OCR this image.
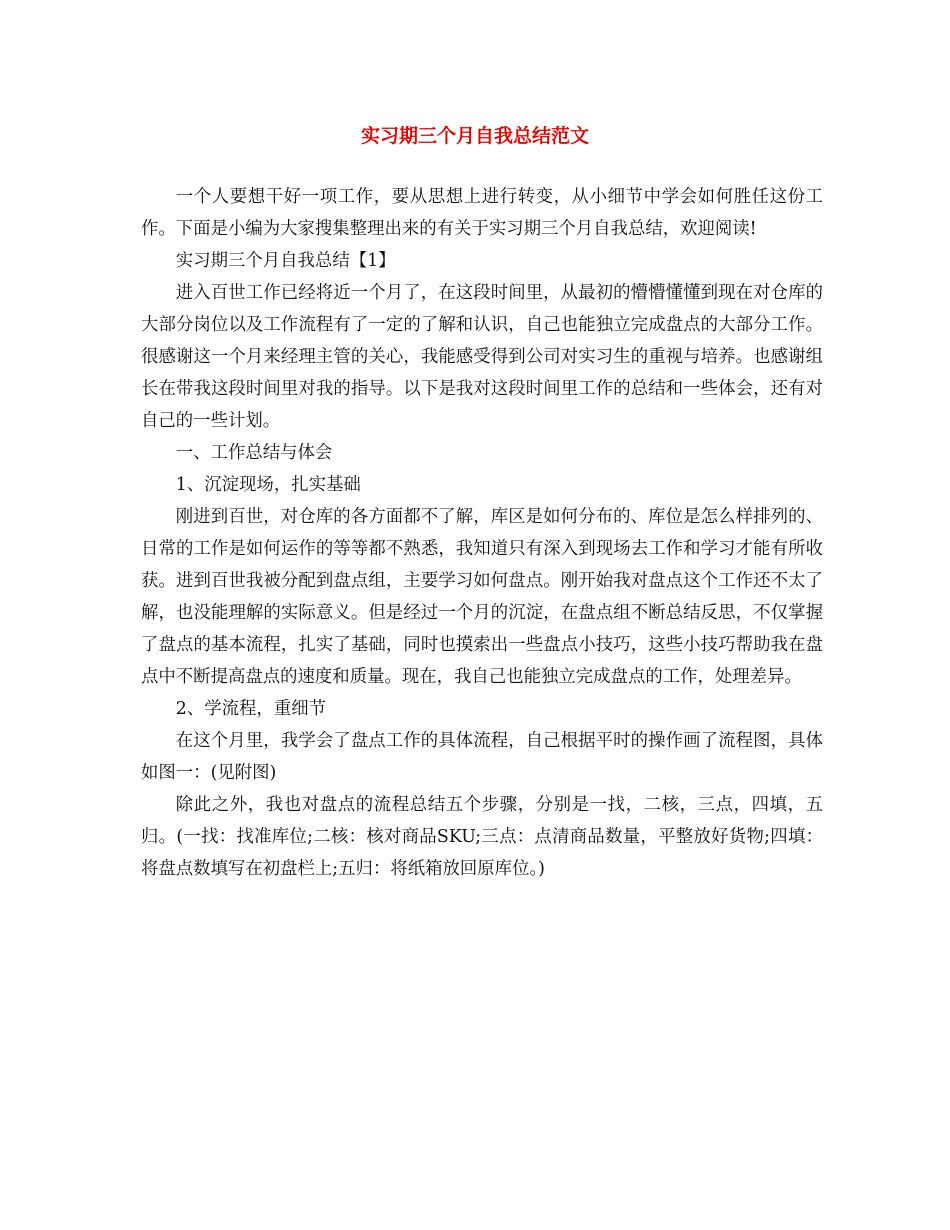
实习期三个月自我总结范文

一个人要想干好一项工作，要从思想上进行转变，从小细节中学会如何胜任这份工作。下面是小编为大家搜集整理出来的有关于实习期三个月自我总结，欢迎阅读!

实习期三个月自我总结【1】

进入百世工作已经将近一个月了，在这段时间里，从最初的懵懵懂懂到现在对仓库的大部分岗位以及工作流程有了一定的了解和认识，自己也能独立完成盘点的大部分工作。很感谢这一个月来经理主管的关心，我能感受得到公司对实习生的重视与培养。也感谢组长在带我这段时间里对我的指导。以下是我对这段时间里工作的总结和一些体会，还有对自己的一些计划。

一、工作总结与体会

1、沉淀现场，扎实基础

刚进到百世，对仓库的各方面都不了解，库区是如何分布的、库位是怎么样排列的、日常的工作是如何运作的等等都不熟悉，我知道只有深入到现场去工作和学习才能有所收获。进到百世我被分配到盘点组，主要学习如何盘点。刚开始我对盘点这个工作还不太了解，也没能理解的实际意义。但是经过一个月的沉淀，在盘点组不断总结反思，不仅掌握了盘点的基本流程，扎实了基础，同时也摸索出一些盘点小技巧，这些小技巧帮助我在盘点中不断提高盘点的速度和质量。现在，我自己也能独立完成盘点的工作，处理差异。

2、学流程，重细节

在这个月里，我学会了盘点工作的具体流程，自己根据平时的操作画了流程图，具体如图一：(见附图)

除此之外，我也对盘点的流程总结五个步骤，分别是一找，二核，三点，四填，五归。(一找：找准库位;二核：核对商品SKU;三点：点清商品数量，平整放好货物;四填：将盘点数填写在初盘栏上;五归：将纸箱放回原库位。)
